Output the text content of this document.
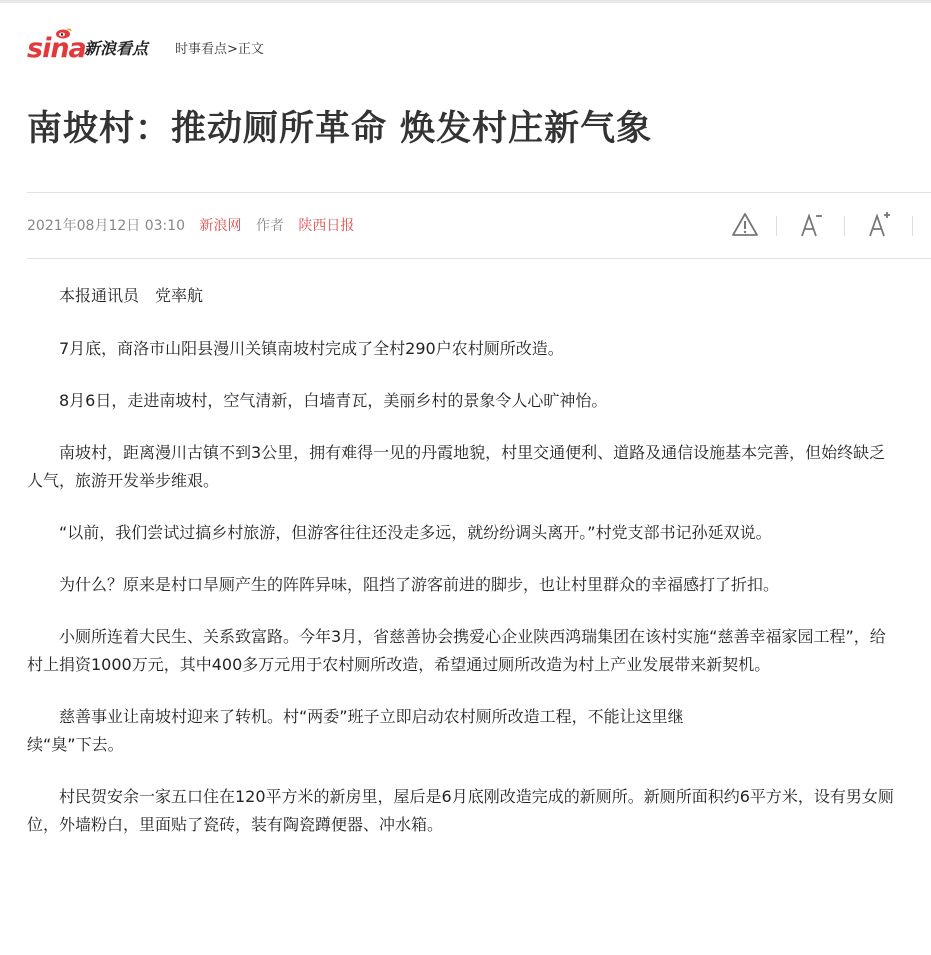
sina
新浪看点 时事看点>正文
南坡村：推动厕所革命 焕发村庄新气象
2021年08月12日 03:10 新浪网 作者 陕西日报

本报通讯员　党率航

7月底，商洛市山阳县漫川关镇南坡村完成了全村290户农村厕所改造。

8月6日，走进南坡村，空气清新，白墙青瓦，美丽乡村的景象令人心旷神怡。

南坡村，距离漫川古镇不到3公里，拥有难得一见的丹霞地貌，村里交通便利、道路及通信设施基本完善，但始终缺乏人气，旅游开发举步维艰。

“以前，我们尝试过搞乡村旅游，但游客往往还没走多远，就纷纷调头离开。”村党支部书记孙延双说。

为什么？原来是村口旱厕产生的阵阵异味，阻挡了游客前进的脚步，也让村里群众的幸福感打了折扣。

小厕所连着大民生、关系致富路。今年3月，省慈善协会携爱心企业陕西鸿瑞集团在该村实施“慈善幸福家园工程”，给村上捐资1000万元，其中400多万元用于农村厕所改造，希望通过厕所改造为村上产业发展带来新契机。

慈善事业让南坡村迎来了转机。村“两委”班子立即启动农村厕所改造工程，不能让这里继

续“臭”下去。

村民贺安余一家五口住在120平方米的新房里，屋后是6月底刚改造完成的新厕所。新厕所面积约6平方米，设有男女厕位，外墙粉白，里面贴了瓷砖，装有陶瓷蹲便器、冲水箱。
